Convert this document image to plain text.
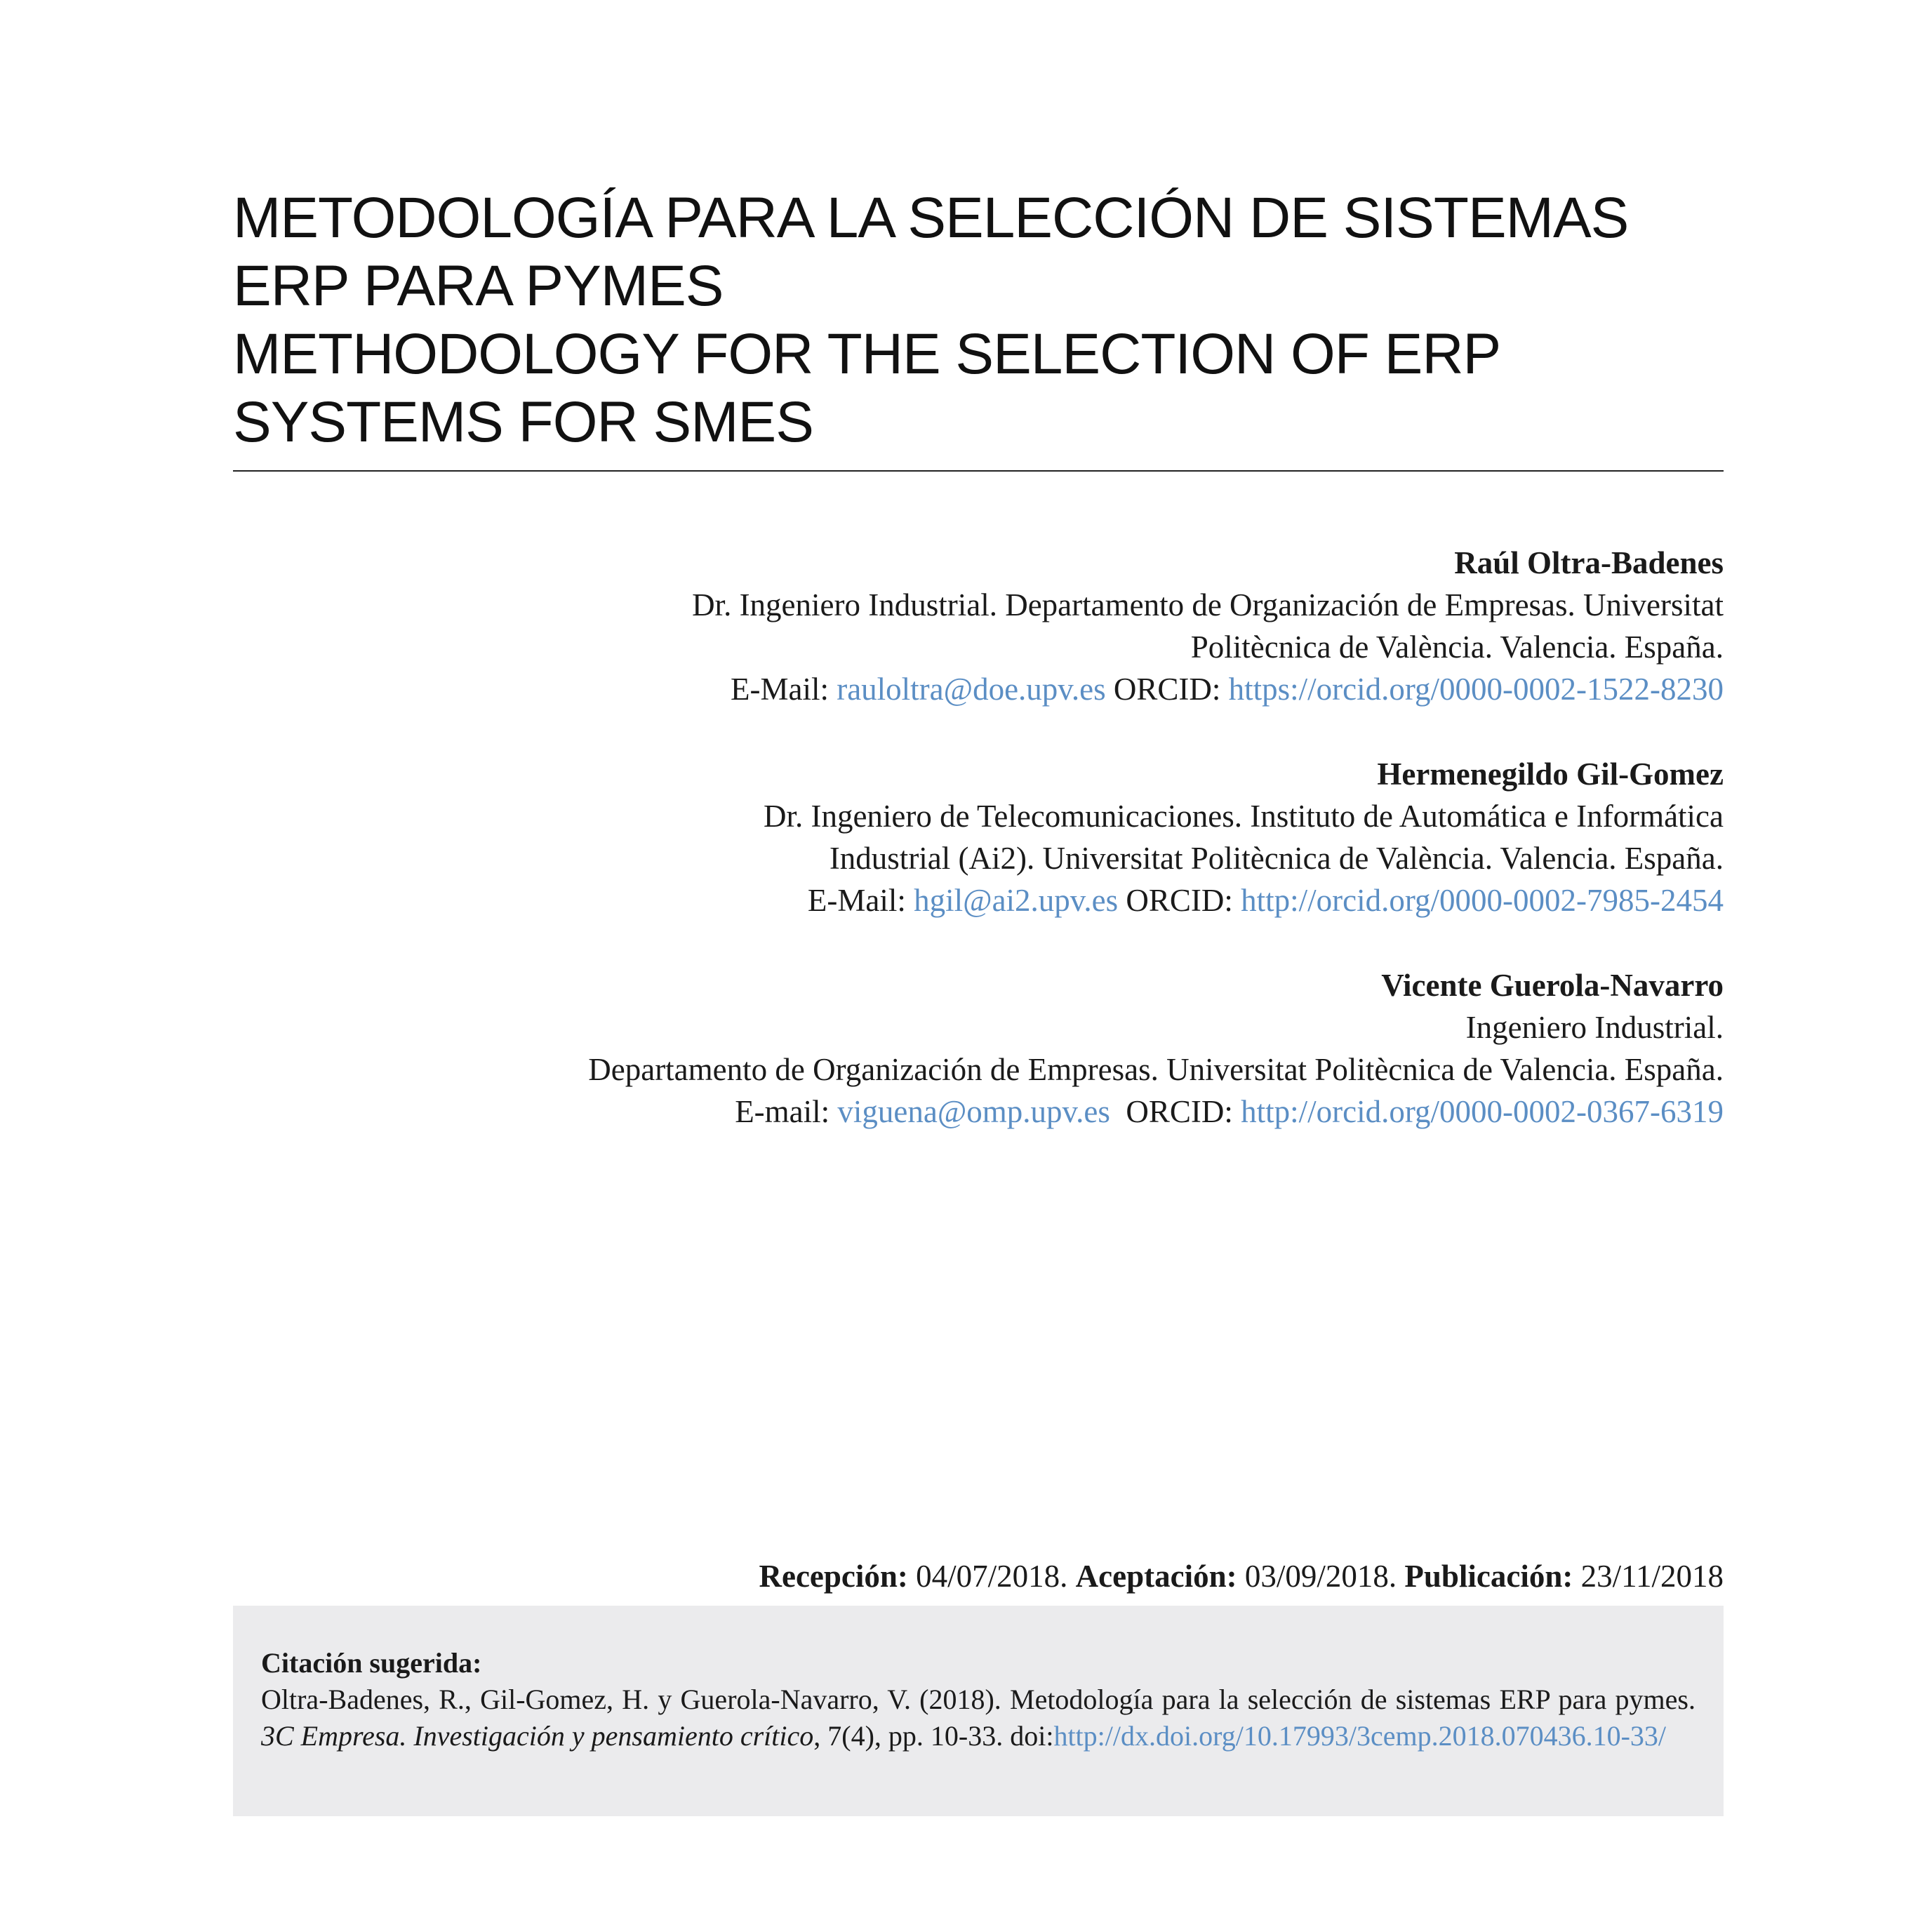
METODOLOGÍA PARA LA SELECCIÓN DE SISTEMAS
ERP PARA PYMES
METHODOLOGY FOR THE SELECTION OF ERP
SYSTEMS FOR SMES
Raúl Oltra-Badenes
Dr. Ingeniero Industrial. Departamento de Organización de Empresas. Universitat
Politècnica de València. Valencia. España.
E-Mail: rauloltra@doe.upv.es ORCID: https://orcid.org/0000-0002-1522-8230
Hermenegildo Gil-Gomez
Dr. Ingeniero de Telecomunicaciones. Instituto de Automática e Informática
Industrial (Ai2). Universitat Politècnica de València. Valencia. España.
E-Mail: hgil@ai2.upv.es ORCID: http://orcid.org/0000-0002-7985-2454
Vicente Guerola-Navarro
Ingeniero Industrial.
Departamento de Organización de Empresas. Universitat Politècnica de Valencia. España.
E-mail: viguena@omp.upv.es  ORCID: http://orcid.org/0000-0002-0367-6319
Recepción: 04/07/2018. Aceptación: 03/09/2018. Publicación: 23/11/2018
Citación sugerida:
Oltra-Badenes, R., Gil-Gomez, H. y Guerola-Navarro, V. (2018). Metodología para la selección de sistemas ERP para pymes. 3C Empresa. Investigación y pensamiento crítico, 7(4), pp. 10-33. doi:http://dx.doi.org/10.17993/3cemp.2018.070436.10-33/
